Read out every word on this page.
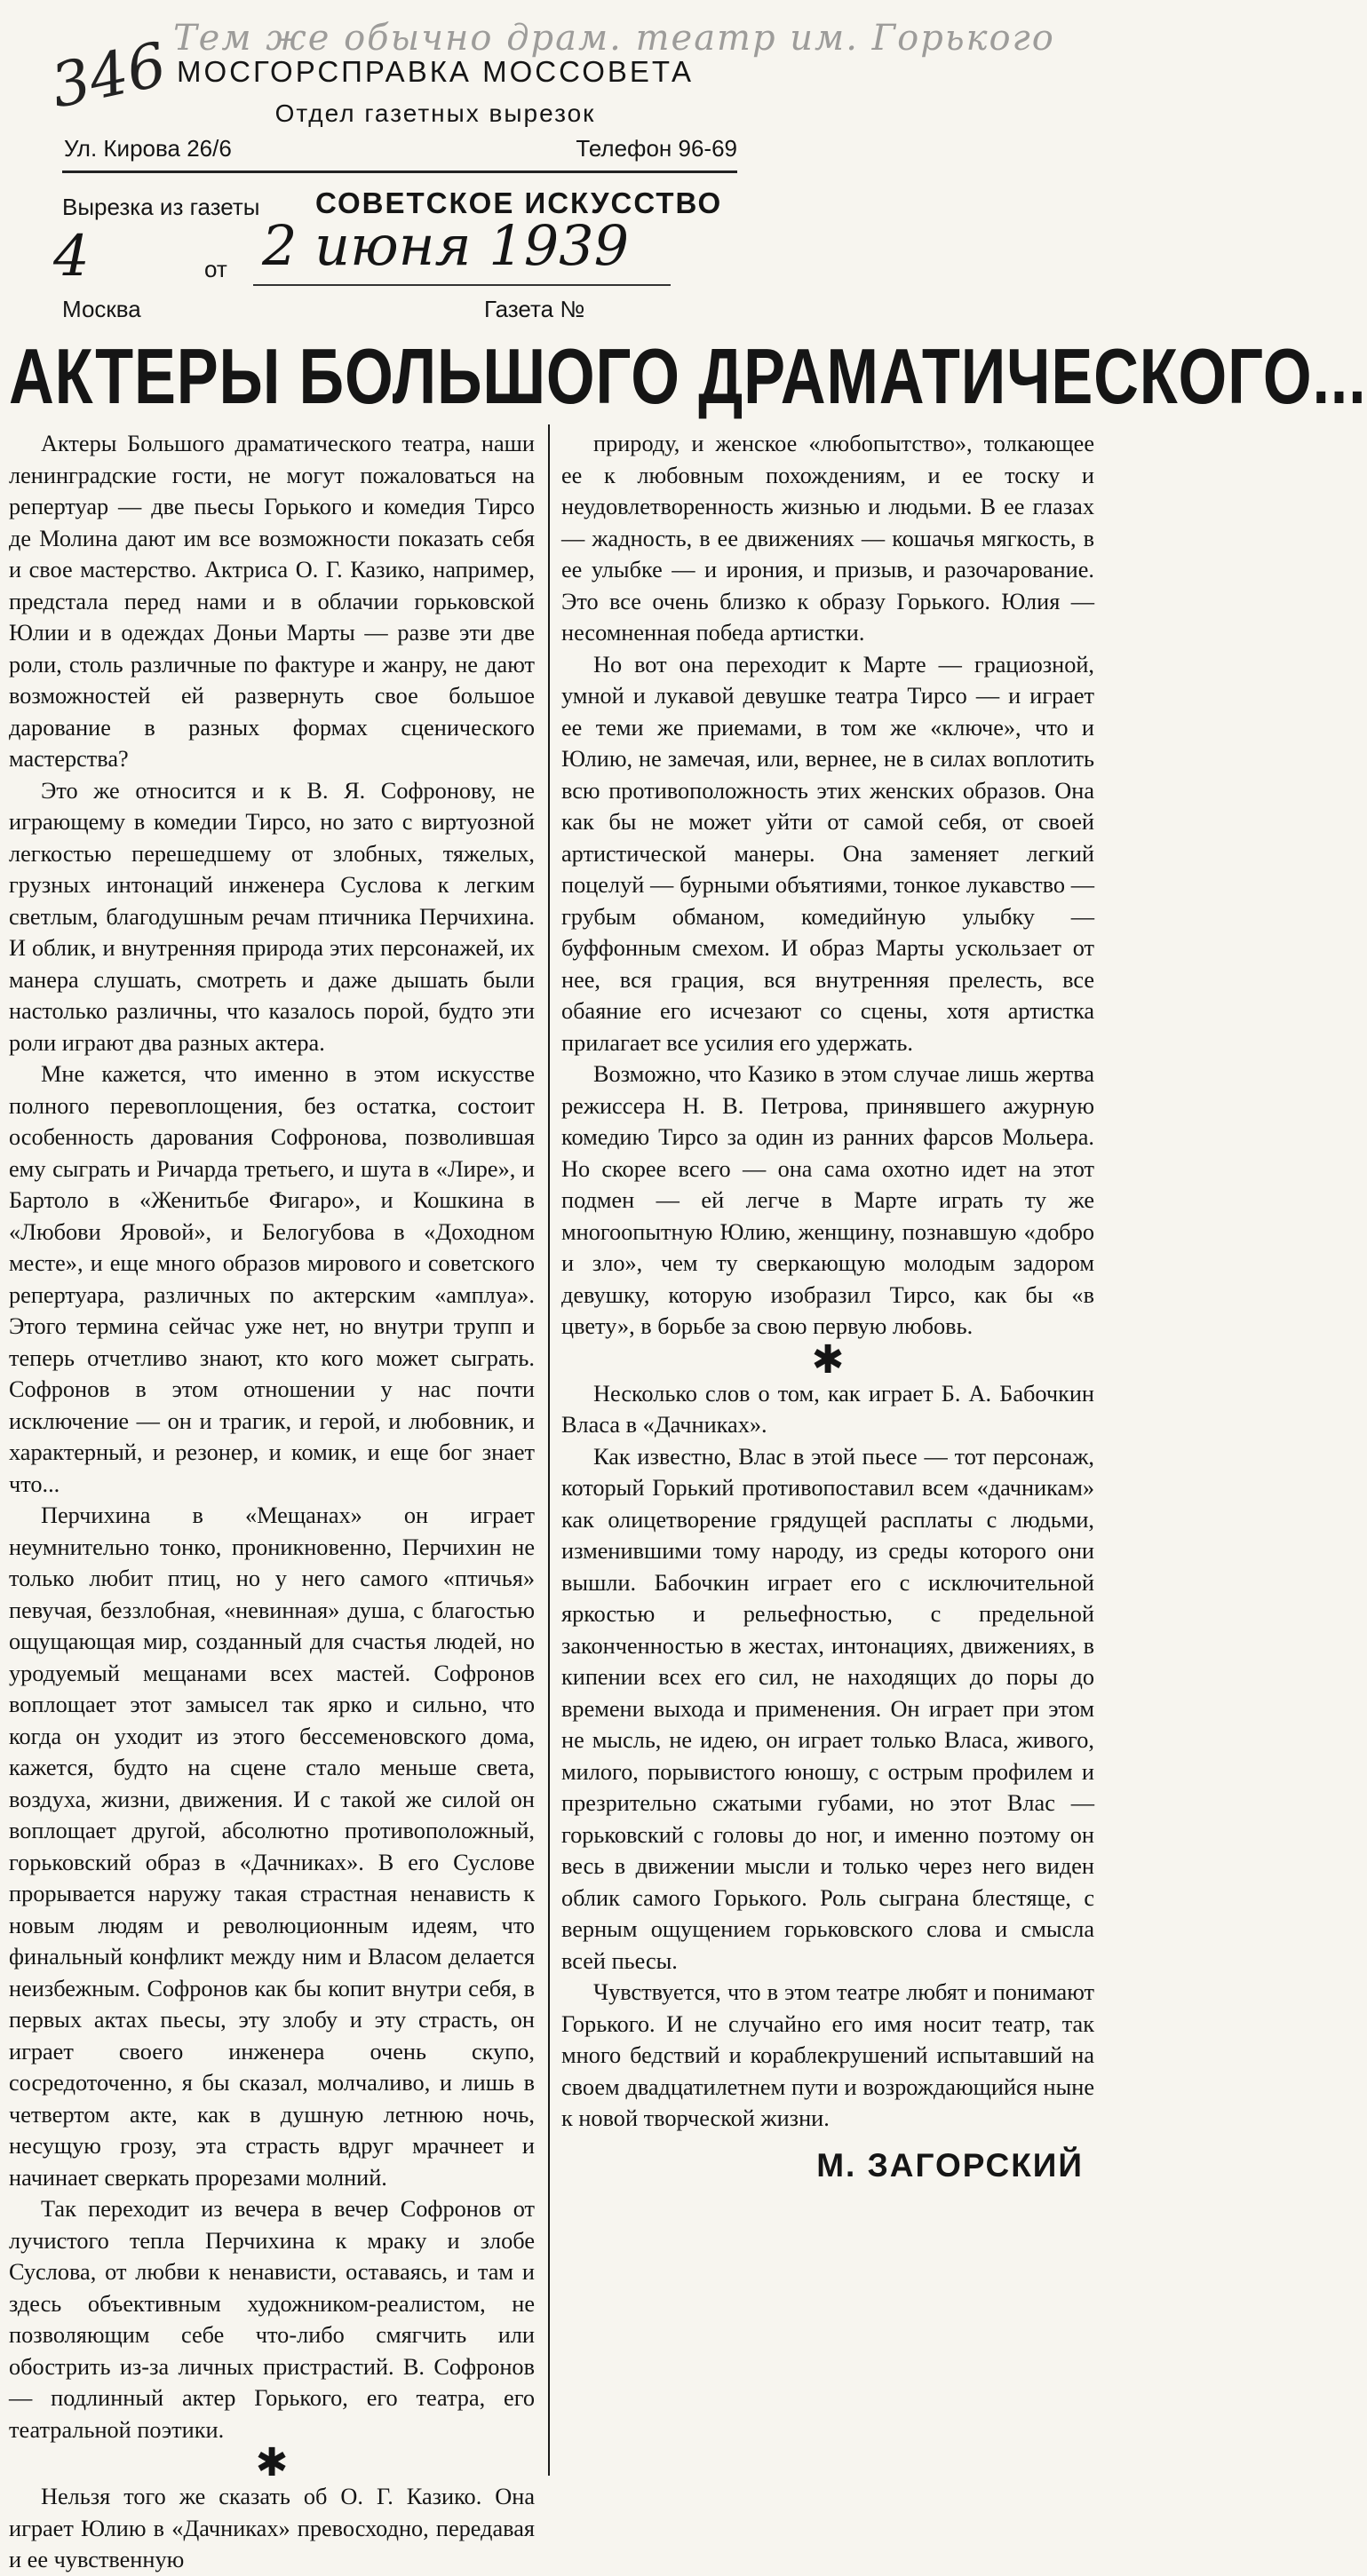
Тем же обычно драм. театр им. Горького
346 МОСГОРСПРАВКА МОССОВЕТА
Отдел газетных вырезок
Ул. Кирова 26/6	Телефон 96-69
Вырезка из газеты	СОВЕТСКОЕ ИСКУССТВО
4	от 2 июня 1939
Москва	Газета №
АКТЕРЫ БОЛЬШОГО ДРАМАТИЧЕСКОГО...

Актеры Большого драматического театра, наши ленинградские гости, не могут пожаловаться на репертуар — две пьесы Горького и комедия Тирсо де Молина дают им все возможности показать себя и свое мастерство. Актриса О. Г. Казико, например, предстала перед нами и в облачии горьковской Юлии и в одеждах Доньи Марты — разве эти две роли, столь различные по фактуре и жанру, не дают возможностей ей развернуть свое большое дарование в разных формах сценического мастерства?

Это же относится и к В. Я. Софронову, не играющему в комедии Тирсо, но зато с виртуозной легкостью перешедшему от злобных, тяжелых, грузных интонаций инженера Суслова к легким светлым, благодушным речам птичника Перчихина. И облик, и внутренняя природа этих персонажей, их манера слушать, смотреть и даже дышать были настолько различны, что казалось порой, будто эти роли играют два разных актера.

Мне кажется, что именно в этом искусстве полного перевоплощения, без остатка, состоит особенность дарования Софронова, позволившая ему сыграть и Ричарда третьего, и шута в «Лире», и Бартоло в «Женитьбе Фигаро», и Кошкина в «Любови Яровой», и Белогубова в «Доходном месте», и еще много образов мирового и советского репертуара, различных по актерским «амплуа». Этого термина сейчас уже нет, но внутри трупп и теперь отчетливо знают, кто кого может сыграть. Софронов в этом отношении у нас почти исключение — он и трагик, и герой, и любовник, и характерный, и резонер, и комик, и еще бог знает что...

Перчихина в «Мещанах» он играет неумнительно тонко, проникновенно, Перчихин не только любит птиц, но у него самого «птичья» певучая, беззлобная, «невинная» душа, с благостью ощущающая мир, созданный для счастья людей, но уродуемый мещанами всех мастей. Софронов воплощает этот замысел так ярко и сильно, что когда он уходит из этого бессеменовского дома, кажется, будто на сцене стало меньше света, воздуха, жизни, движения. И с такой же силой он воплощает другой, абсолютно противоположный, горьковский образ в «Дачниках». В его Суслове прорывается наружу такая страстная ненависть к новым людям и революционным идеям, что финальный конфликт между ним и Власом делается неизбежным. Софронов как бы копит внутри себя, в первых актах пьесы, эту злобу и эту страсть, он играет своего инженера очень скупо, сосредоточенно, я бы сказал, молчаливо, и лишь в четвертом акте, как в душную летнюю ночь, несущую грозу, эта страсть вдруг мрачнеет и начинает сверкать прорезами молний.

Так переходит из вечера в вечер Софронов от лучистого тепла Перчихина к мраку и злобе Суслова, от любви к ненависти, оставаясь, и там и здесь объективным художником-реалистом, не позволяющим себе что-либо смягчить или обострить из-за личных пристрастий. В. Софронов — подлинный актер Горького, его театра, его театральной поэтики.

✱

Нельзя того же сказать об О. Г. Казико. Она играет Юлию в «Дачниках» превосходно, передавая и ее чувственную

природу, и женское «любопытство», толкающее ее к любовным похождениям, и ее тоску и неудовлетворенность жизнью и людьми. В ее глазах — жадность, в ее движениях — кошачья мягкость, в ее улыбке — и ирония, и призыв, и разочарование. Это все очень близко к образу Горького. Юлия — несомненная победа артистки.

Но вот она переходит к Марте — грациозной, умной и лукавой девушке театра Тирсо — и играет ее теми же приемами, в том же «ключе», что и Юлию, не замечая, или, вернее, не в силах воплотить всю противоположность этих женских образов. Она как бы не может уйти от самой себя, от своей артистической манеры. Она заменяет легкий поцелуй — бурными объятиями, тонкое лукавство — грубым обманом, комедийную улыбку — буффонным смехом. И образ Марты ускользает от нее, вся грация, вся внутренняя прелесть, все обаяние его исчезают со сцены, хотя артистка прилагает все усилия его удержать.

Возможно, что Казико в этом случае лишь жертва режиссера Н. В. Петрова, принявшего ажурную комедию Тирсо за один из ранних фарсов Мольера. Но скорее всего — она сама охотно идет на этот подмен — ей легче в Марте играть ту же многоопытную Юлию, женщину, познавшую «добро и зло», чем ту сверкающую молодым задором девушку, которую изобразил Тирсо, как бы «в цвету», в борьбе за свою первую любовь.

✱

Несколько слов о том, как играет Б. А. Бабочкин Власа в «Дачниках».

Как известно, Влас в этой пьесе — тот персонаж, который Горький противопоставил всем «дачникам» как олицетворение грядущей расплаты с людьми, изменившими тому народу, из среды которого они вышли. Бабочкин играет его с исключительной яркостью и рельефностью, с предельной законченностью в жестах, интонациях, движениях, в кипении всех его сил, не находящих до поры до времени выхода и применения. Он играет при этом не мысль, не идею, он играет только Власа, живого, милого, порывистого юношу, с острым профилем и презрительно сжатыми губами, но этот Влас — горьковский с головы до ног, и именно поэтому он весь в движении мысли и только через него виден облик самого Горького. Роль сыграна блестяще, с верным ощущением горьковского слова и смысла всей пьесы.

Чувствуется, что в этом театре любят и понимают Горького. И не случайно его имя носит театр, так много бедствий и кораблекрушений испытавший на своем двадцатилетнем пути и возрождающийся ныне к новой творческой жизни.

М. ЗАГОРСКИЙ
